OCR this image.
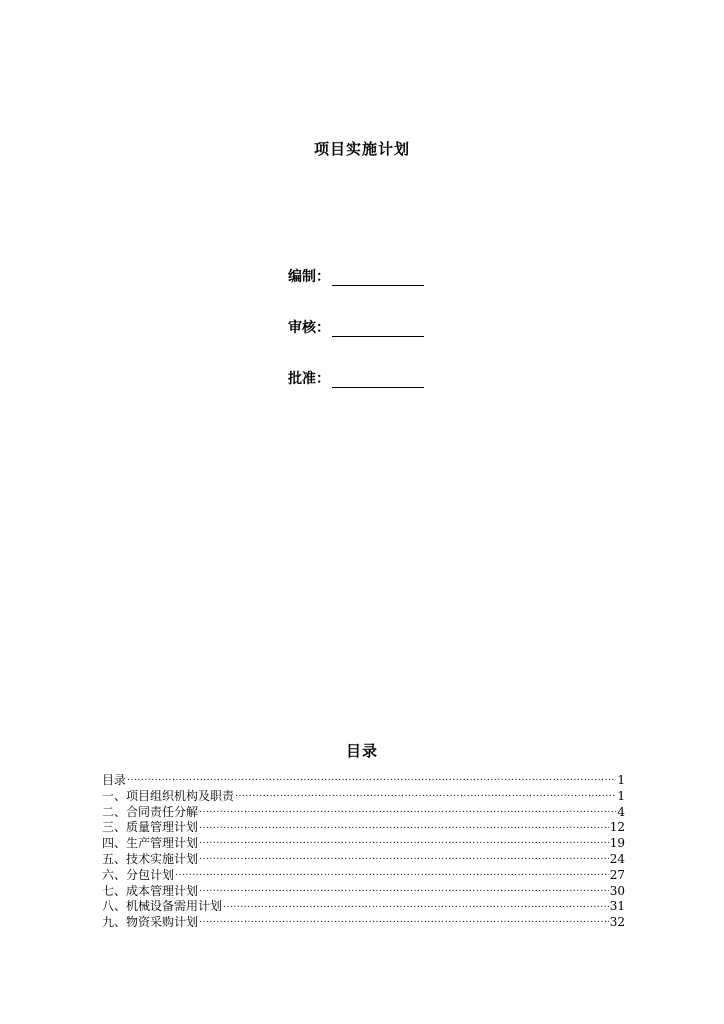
项目实施计划
编制：
审核：
批准：
目录
目录 .....	1
一、项目组织机构及职责 .....	1
二、合同责任分解 .....	4
三、质量管理计划 .....	12
四、生产管理计划 .....	19
五、技术实施计划 .....	24
六、分包计划 .....	27
七、成本管理计划 .....	30
八、机械设备需用计划 .....	31
九、物资采购计划 .....	32
